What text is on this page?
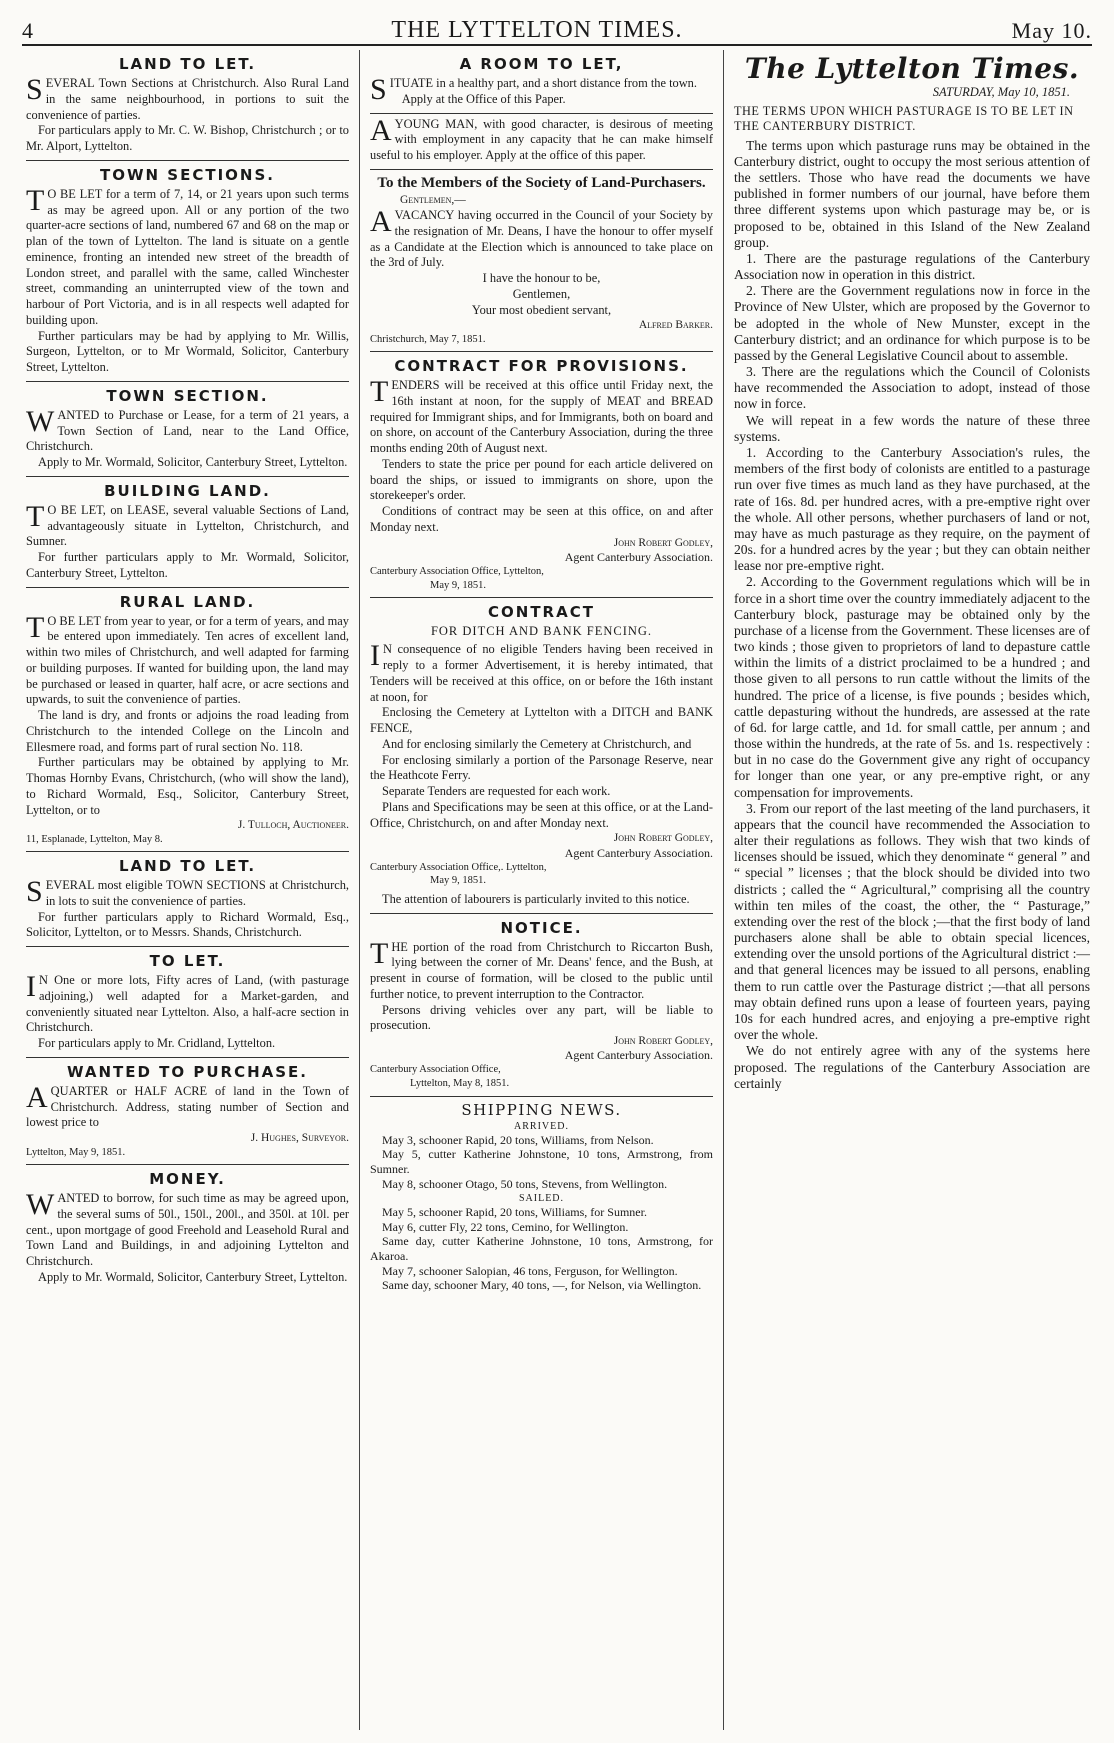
4	THE LYTTELTON TIMES.	May 10.
LAND TO LET.

SEVERAL Town Sections at Christchurch. Also Rural Land in the same neighbourhood, in portions to suit the convenience of parties.

For particulars apply to Mr. C. W. Bishop, Christchurch ; or to Mr. Alport, Lyttelton.

TOWN SECTIONS.

TO BE LET for a term of 7, 14, or 21 years upon such terms as may be agreed upon. All or any portion of the two quarter-acre sections of land, numbered 67 and 68 on the map or plan of the town of Lyttelton. The land is situate on a gentle eminence, fronting an intended new street of the breadth of London street, and parallel with the same, called Winchester street, commanding an uninterrupted view of the town and harbour of Port Victoria, and is in all respects well adapted for building upon.

Further particulars may be had by applying to Mr. Willis, Surgeon, Lyttelton, or to Mr Wormald, Solicitor, Canterbury Street, Lyttelton.

TOWN SECTION.

WANTED to Purchase or Lease, for a term of 21 years, a Town Section of Land, near to the Land Office, Christchurch.

Apply to Mr. Wormald, Solicitor, Canterbury Street, Lyttelton.

BUILDING LAND.

TO BE LET, on LEASE, several valuable Sections of Land, advantageously situate in Lyttelton, Christchurch, and Sumner.

For further particulars apply to Mr. Wormald, Solicitor, Canterbury Street, Lyttelton.

RURAL LAND.

TO BE LET from year to year, or for a term of years, and may be entered upon immediately. Ten acres of excellent land, within two miles of Christchurch, and well adapted for farming or building purposes. If wanted for building upon, the land may be purchased or leased in quarter, half acre, or acre sections and upwards, to suit the convenience of parties.

The land is dry, and fronts or adjoins the road leading from Christchurch to the intended College on the Lincoln and Ellesmere road, and forms part of rural section No. 118.

Further particulars may be obtained by applying to Mr. Thomas Hornby Evans, Christchurch, (who will show the land), to Richard Wormald, Esq., Solicitor, Canterbury Street, Lyttelton, or to

J. Tulloch, Auctioneer.
11, Esplanade, Lyttelton, May 8.
LAND TO LET.

SEVERAL most eligible TOWN SECTIONS at Christchurch, in lots to suit the convenience of parties.

For further particulars apply to Richard Wormald, Esq., Solicitor, Lyttelton, or to Messrs. Shands, Christchurch.

TO LET.

IN One or more lots, Fifty acres of Land, (with pasturage adjoining,) well adapted for a Market-garden, and conveniently situated near Lyttelton. Also, a half-acre section in Christchurch.

For particulars apply to Mr. Cridland, Lyttelton.

WANTED TO PURCHASE.

AQUARTER or HALF ACRE of land in the Town of Christchurch. Address, stating number of Section and lowest price to

J. Hughes, Surveyor.
Lyttelton, May 9, 1851.
MONEY.

WANTED to borrow, for such time as may be agreed upon, the several sums of 50l., 150l., 200l., and 350l. at 10l. per cent., upon mortgage of good Freehold and Leasehold Rural and Town Land and Buildings, in and adjoining Lyttelton and Christchurch.

Apply to Mr. Wormald, Solicitor, Canterbury Street, Lyttelton.

A ROOM TO LET,

SITUATE in a healthy part, and a short distance from the town.

Apply at the Office of this Paper.

AYOUNG MAN, with good character, is desirous of meeting with employment in any capacity that he can make himself useful to his employer. Apply at the office of this paper.

To the Members of the Society of Land-Purchasers.
Gentlemen,—

AVACANCY having occurred in the Council of your Society by the resignation of Mr. Deans, I have the honour to offer myself as a Candidate at the Election which is announced to take place on the 3rd of July.

I have the honour to be,

Gentlemen,

Your most obedient servant,

Alfred Barker.
Christchurch, May 7, 1851.
CONTRACT FOR PROVISIONS.

TENDERS will be received at this office until Friday next, the 16th instant at noon, for the supply of MEAT and BREAD required for Immigrant ships, and for Immigrants, both on board and on shore, on account of the Canterbury Association, during the three months ending 20th of August next.

Tenders to state the price per pound for each article delivered on board the ships, or issued to immigrants on shore, upon the storekeeper's order.

Conditions of contract may be seen at this office, on and after Monday next.

John Robert Godley,
Agent Canterbury Association.
Canterbury Association Office, Lyttelton,
May 9, 1851.
CONTRACT
FOR DITCH AND BANK FENCING.

IN consequence of no eligible Tenders having been received in reply to a former Advertisement, it is hereby intimated, that Tenders will be received at this office, on or before the 16th instant at noon, for

Enclosing the Cemetery at Lyttelton with a DITCH and BANK FENCE,

And for enclosing similarly the Cemetery at Christchurch, and

For enclosing similarly a portion of the Parsonage Reserve, near the Heathcote Ferry.

Separate Tenders are requested for each work.

Plans and Specifications may be seen at this office, or at the Land-Office, Christchurch, on and after Monday next.

John Robert Godley,
Agent Canterbury Association.
Canterbury Association Office,. Lyttelton,
May 9, 1851.

The attention of labourers is particularly invited to this notice.

NOTICE.

THE portion of the road from Christchurch to Riccarton Bush, lying between the corner of Mr. Deans' fence, and the Bush, at present in course of formation, will be closed to the public until further notice, to prevent interruption to the Contractor.

Persons driving vehicles over any part, will be liable to prosecution.

John Robert Godley,
Agent Canterbury Association.
Canterbury Association Office,
Lyttelton, May 8, 1851.
SHIPPING NEWS.
ARRIVED.

May 3, schooner Rapid, 20 tons, Williams, from Nelson.

May 5, cutter Katherine Johnstone, 10 tons, Armstrong, from Sumner.

May 8, schooner Otago, 50 tons, Stevens, from Wellington.

SAILED.

May 5, schooner Rapid, 20 tons, Williams, for Sumner.

May 6, cutter Fly, 22 tons, Cemino, for Wellington.

Same day, cutter Katherine Johnstone, 10 tons, Armstrong, for Akaroa.

May 7, schooner Salopian, 46 tons, Ferguson, for Wellington.

Same day, schooner Mary, 40 tons, —, for Nelson, via Wellington.

The Lyttelton Times.
SATURDAY, May 10, 1851.
THE TERMS UPON WHICH PASTURAGE IS TO BE LET IN THE CANTERBURY DISTRICT.

The terms upon which pasturage runs may be obtained in the Canterbury district, ought to occupy the most serious attention of the settlers. Those who have read the documents we have published in former numbers of our journal, have before them three different systems upon which pasturage may be, or is proposed to be, obtained in this Island of the New Zealand group.

1. There are the pasturage regulations of the Canterbury Association now in operation in this district.

2. There are the Government regulations now in force in the Province of New Ulster, which are proposed by the Governor to be adopted in the whole of New Munster, except in the Canterbury district; and an ordinance for which purpose is to be passed by the General Legislative Council about to assemble.

3. There are the regulations which the Council of Colonists have recommended the Association to adopt, instead of those now in force.

We will repeat in a few words the nature of these three systems.

1. According to the Canterbury Association's rules, the members of the first body of colonists are entitled to a pasturage run over five times as much land as they have purchased, at the rate of 16s. 8d. per hundred acres, with a pre-emptive right over the whole. All other persons, whether purchasers of land or not, may have as much pasturage as they require, on the payment of 20s. for a hundred acres by the year ; but they can obtain neither lease nor pre-emptive right.

2. According to the Government regulations which will be in force in a short time over the country immediately adjacent to the Canterbury block, pasturage may be obtained only by the purchase of a license from the Government. These licenses are of two kinds ; those given to proprietors of land to depasture cattle within the limits of a district proclaimed to be a hundred ; and those given to all persons to run cattle without the limits of the hundred. The price of a license, is five pounds ; besides which, cattle depasturing without the hundreds, are assessed at the rate of 6d. for large cattle, and 1d. for small cattle, per annum ; and those within the hundreds, at the rate of 5s. and 1s. respectively : but in no case do the Government give any right of occupancy for longer than one year, or any pre-emptive right, or any compensation for improvements.

3. From our report of the last meeting of the land purchasers, it appears that the council have recommended the Association to alter their regulations as follows. They wish that two kinds of licenses should be issued, which they denominate “ general ” and “ special ” licenses ; that the block should be divided into two districts ; called the “ Agricultural,” comprising all the country within ten miles of the coast, the other, the “ Pasturage,” extending over the rest of the block ;—that the first body of land purchasers alone shall be able to obtain special licences, extending over the unsold portions of the Agricultural district :—and that general licences may be issued to all persons, enabling them to run cattle over the Pasturage district ;—that all persons may obtain defined runs upon a lease of fourteen years, paying 10s for each hundred acres, and enjoying a pre-emptive right over the whole.

We do not entirely agree with any of the systems here proposed. The regulations of the Canterbury Association are certainly
